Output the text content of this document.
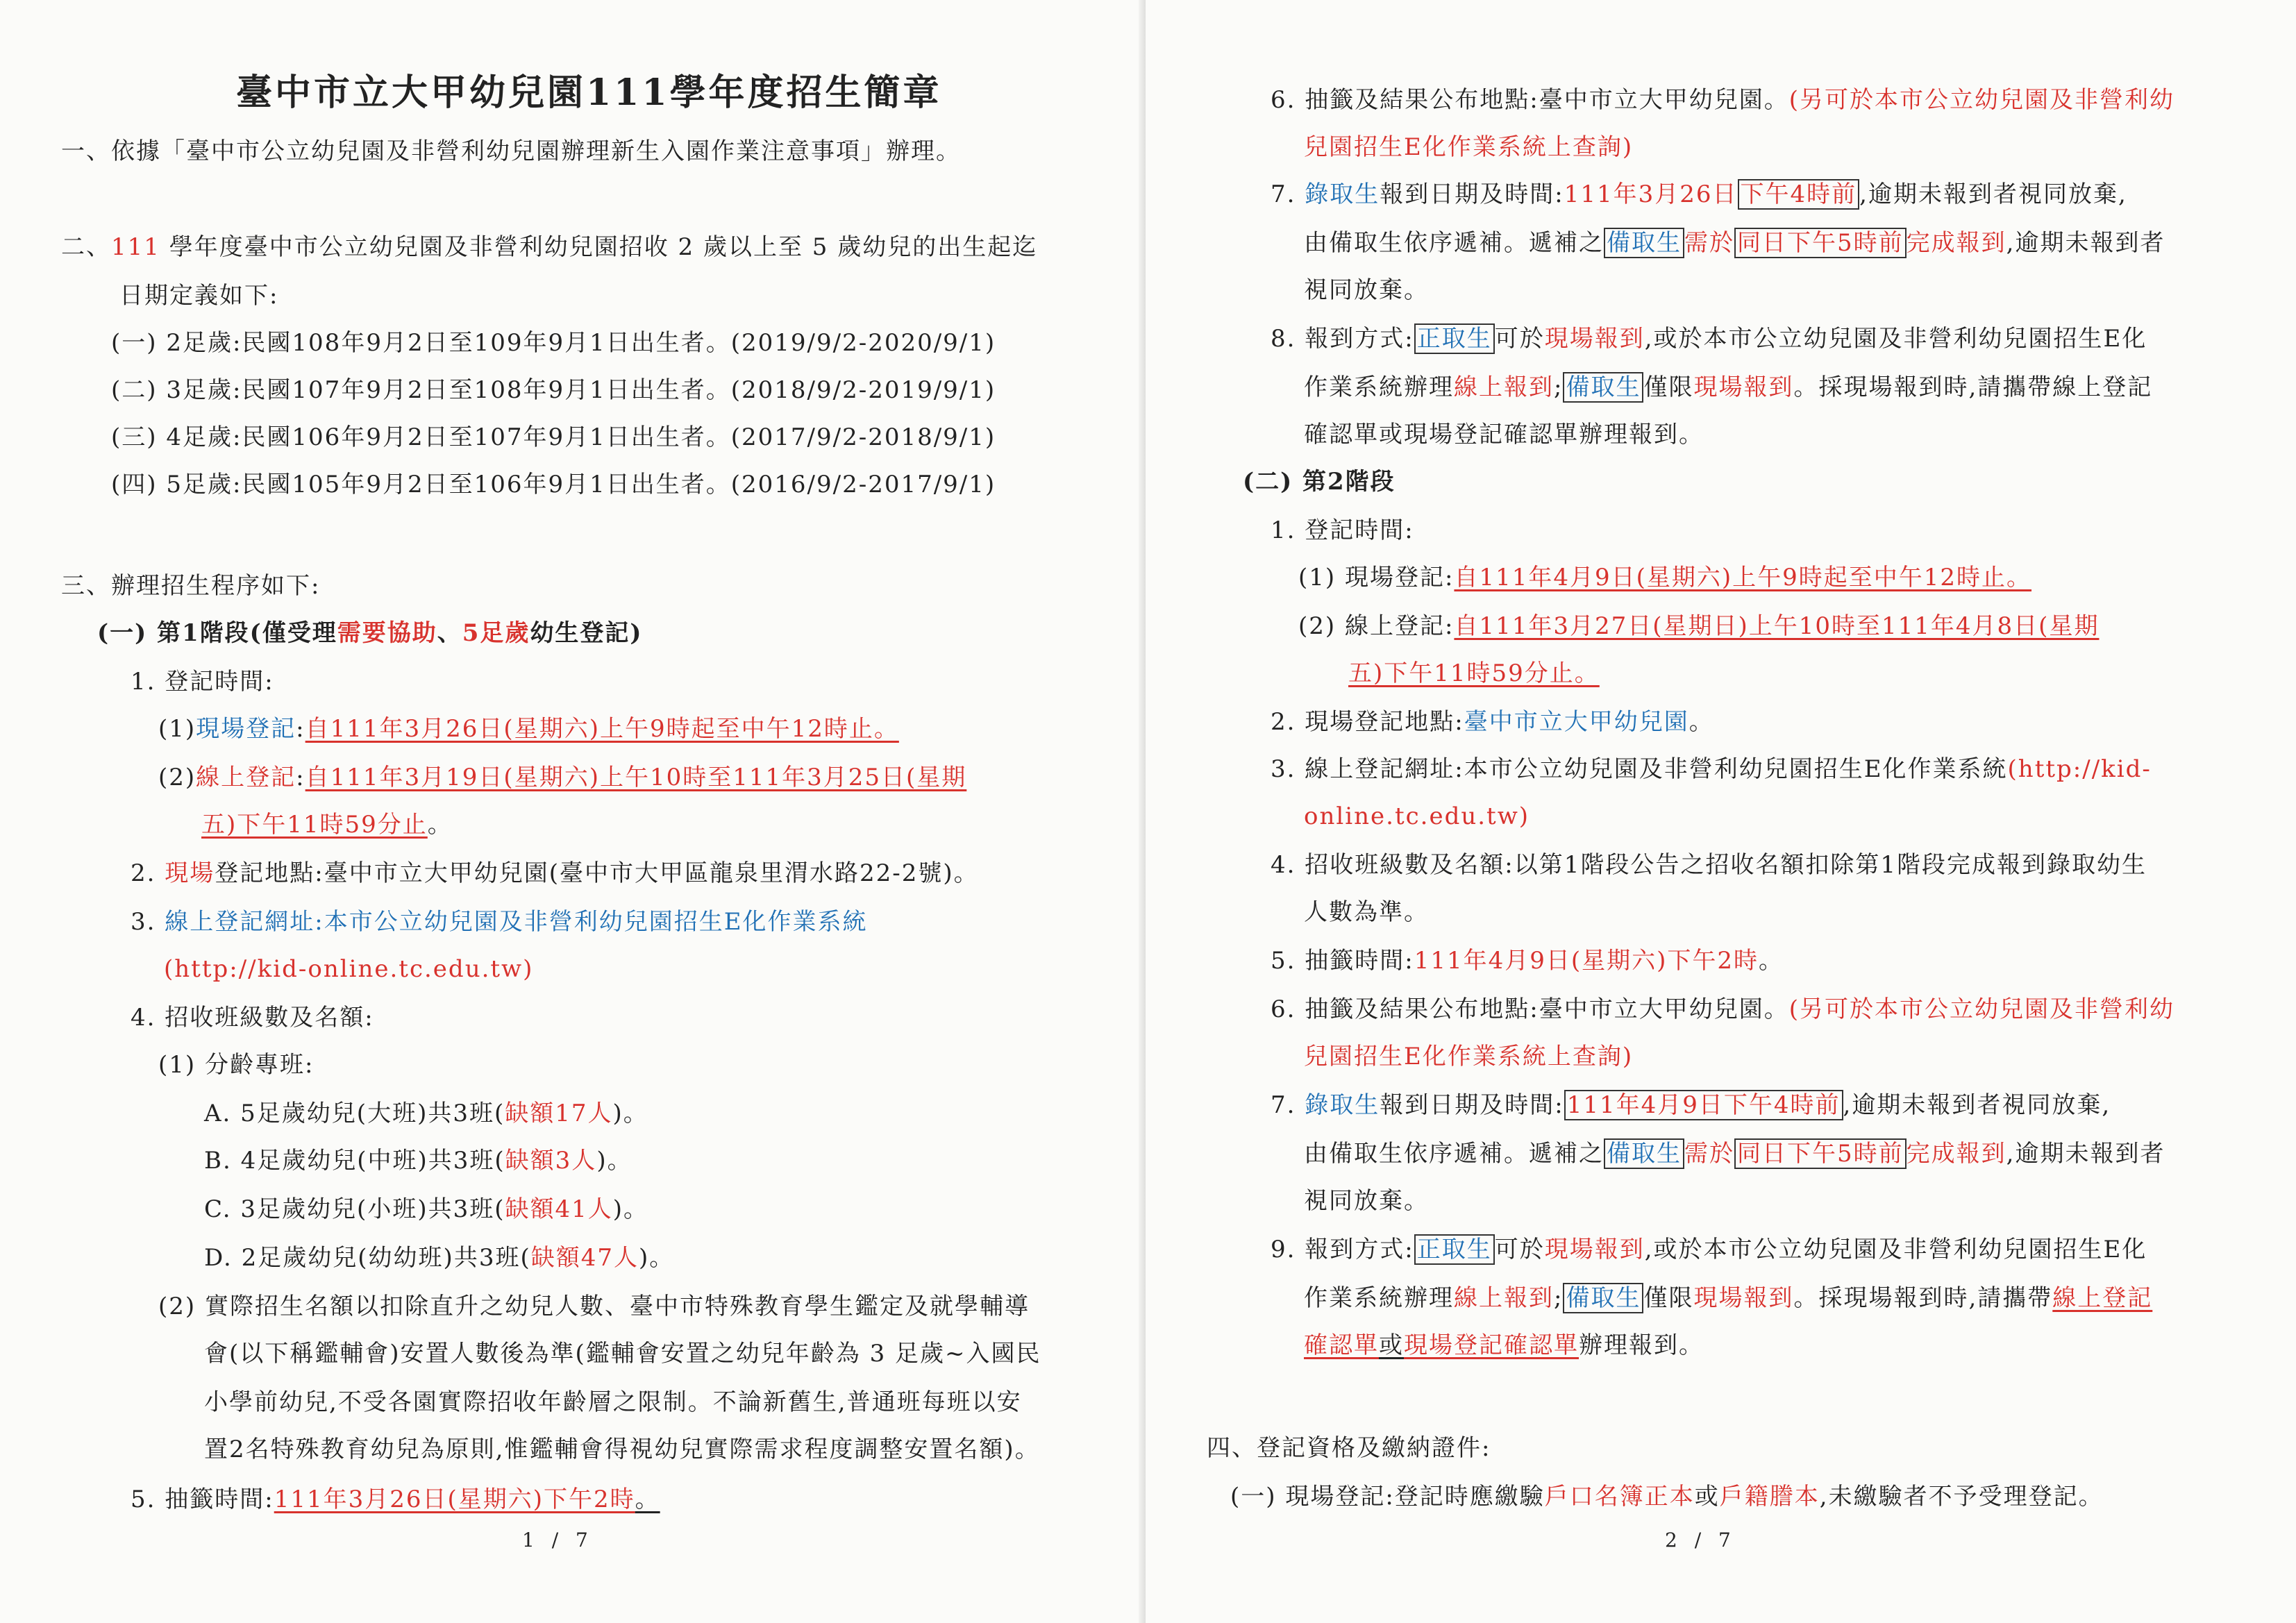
臺中市立大甲幼兒園111學年度招生簡章
一、依據「臺中市公立幼兒園及非營利幼兒園辦理新生入園作業注意事項」辦理。
二、111 學年度臺中市公立幼兒園及非營利幼兒園招收 2 歲以上至 5 歲幼兒的出生起迄
日期定義如下:
(一) 2足歲:民國108年9月2日至109年9月1日出生者。(2019/9/2-2020/9/1)
(二) 3足歲:民國107年9月2日至108年9月1日出生者。(2018/9/2-2019/9/1)
(三) 4足歲:民國106年9月2日至107年9月1日出生者。(2017/9/2-2018/9/1)
(四) 5足歲:民國105年9月2日至106年9月1日出生者。(2016/9/2-2017/9/1)
三、辦理招生程序如下:
(一) 第1階段(僅受理需要協助、5足歲幼生登記)
1. 登記時間:
(1)現場登記:自111年3月26日(星期六)上午9時起至中午12時止。
(2)線上登記:自111年3月19日(星期六)上午10時至111年3月25日(星期
五)下午11時59分止。
2. 現場登記地點:臺中市立大甲幼兒園(臺中市大甲區龍泉里渭水路22-2號)。
3. 線上登記網址:本市公立幼兒園及非營利幼兒園招生E化作業系統
(http://kid-online.tc.edu.tw)
4. 招收班級數及名額:
(1) 分齡專班:
A. 5足歲幼兒(大班)共3班(缺額17人)。
B. 4足歲幼兒(中班)共3班(缺額3人)。
C. 3足歲幼兒(小班)共3班(缺額41人)。
D. 2足歲幼兒(幼幼班)共3班(缺額47人)。
(2) 實際招生名額以扣除直升之幼兒人數、臺中市特殊教育學生鑑定及就學輔導
會(以下稱鑑輔會)安置人數後為準(鑑輔會安置之幼兒年齡為 3 足歲~入國民
小學前幼兒,不受各園實際招收年齡層之限制。不論新舊生,普通班每班以安
置2名特殊教育幼兒為原則,惟鑑輔會得視幼兒實際需求程度調整安置名額)。
5. 抽籤時間:111年3月26日(星期六)下午2時。
1 / 7
6. 抽籤及結果公布地點:臺中市立大甲幼兒園。(另可於本市公立幼兒園及非營利幼
兒園招生E化作業系統上查詢)
7. 錄取生報到日期及時間:111年3月26日 下午4時前 ,逾期未報到者視同放棄,
由備取生依序遞補。遞補之 備取生 需於 同日下午5時前 完成報到,逾期未報到者
視同放棄。
8. 報到方式: 正取生 可於現場報到,或於本市公立幼兒園及非營利幼兒園招生E化
作業系統辦理線上報到; 備取生 僅限現場報到。採現場報到時,請攜帶線上登記
確認單或現場登記確認單辦理報到。
(二) 第2階段
1. 登記時間:
(1) 現場登記:自111年4月9日(星期六)上午9時起至中午12時止。
(2) 線上登記:自111年3月27日(星期日)上午10時至111年4月8日(星期
五)下午11時59分止。
2. 現場登記地點:臺中市立大甲幼兒園。
3. 線上登記網址:本市公立幼兒園及非營利幼兒園招生E化作業系統(http://kid-
online.tc.edu.tw)
4. 招收班級數及名額:以第1階段公告之招收名額扣除第1階段完成報到錄取幼生
人數為準。
5. 抽籤時間:111年4月9日(星期六)下午2時。
6. 抽籤及結果公布地點:臺中市立大甲幼兒園。(另可於本市公立幼兒園及非營利幼
兒園招生E化作業系統上查詢)
7. 錄取生報到日期及時間: 111年4月9日下午4時前 ,逾期未報到者視同放棄,
由備取生依序遞補。遞補之 備取生 需於 同日下午5時前 完成報到,逾期未報到者
視同放棄。
9. 報到方式: 正取生 可於現場報到,或於本市公立幼兒園及非營利幼兒園招生E化
作業系統辦理線上報到; 備取生 僅限現場報到。採現場報到時,請攜帶線上登記
確認單或現場登記確認單辦理報到。
四、登記資格及繳納證件:
(一) 現場登記:登記時應繳驗戶口名簿正本或戶籍謄本,未繳驗者不予受理登記。
2 / 7
